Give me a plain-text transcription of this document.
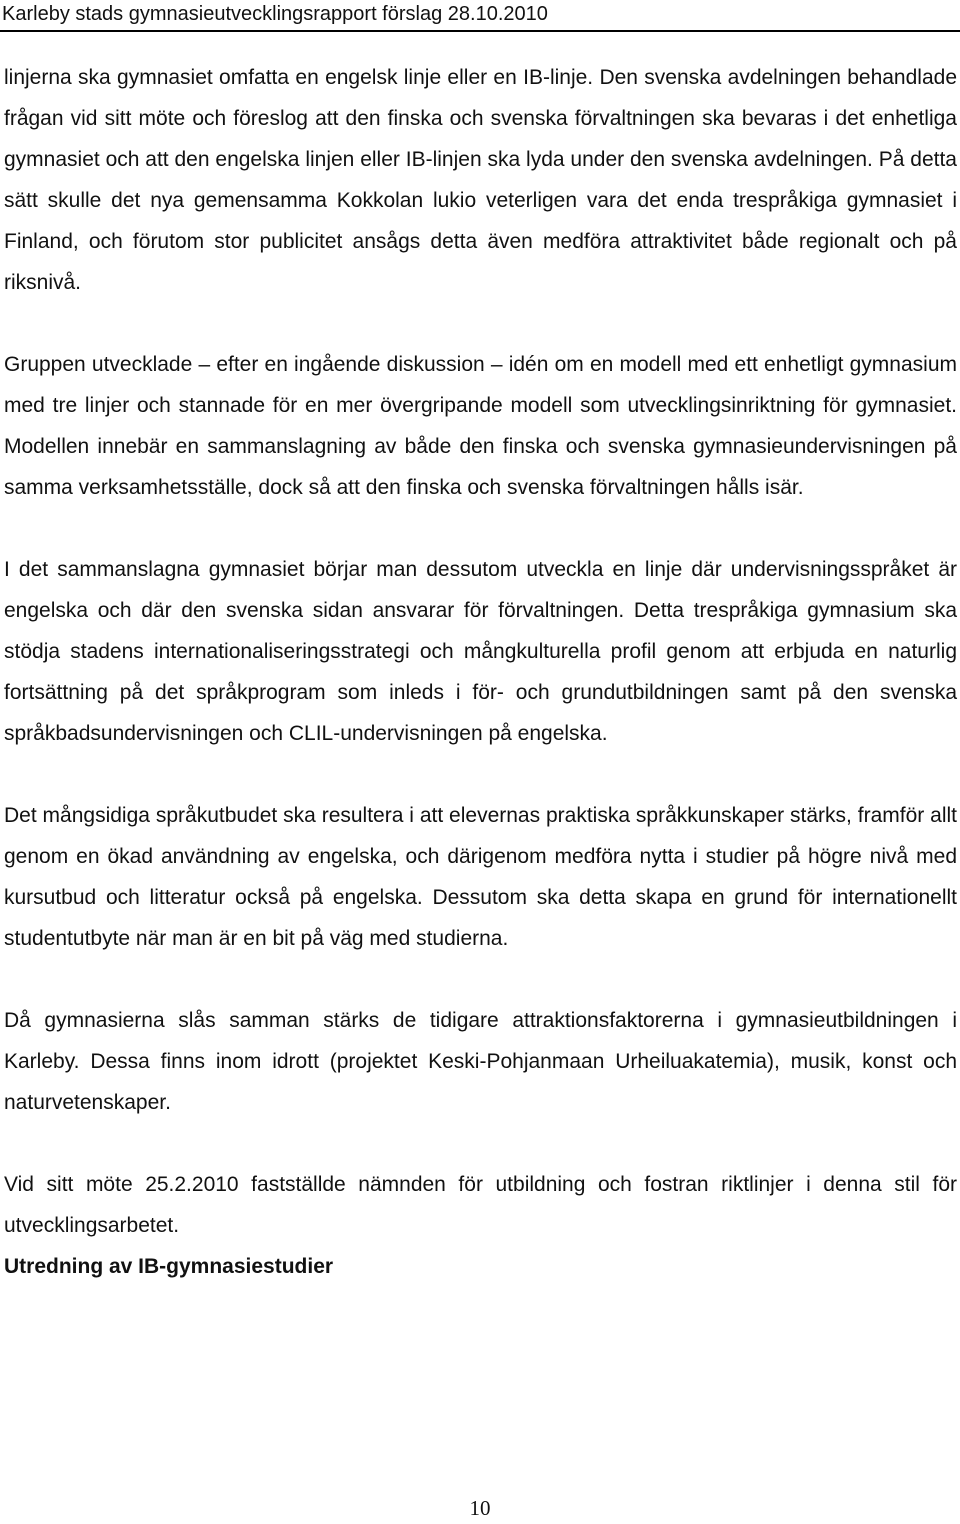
Karleby stads gymnasieutvecklingsrapport förslag 28.10.2010

linjerna ska gymnasiet omfatta en engelsk linje eller en IB-linje. Den svenska avdelningen behandlade frågan vid sitt möte och föreslog att den finska och svenska förvaltningen ska bevaras i det enhetliga gymnasiet och att den engelska linjen eller IB-linjen ska lyda under den svenska avdelningen. På detta sätt skulle det nya gemensamma Kokkolan lukio veterligen vara det enda trespråkiga gymnasiet i Finland, och förutom stor publicitet ansågs detta även medföra attraktivitet både regionalt och på riksnivå.

Gruppen utvecklade – efter en ingående diskussion – idén om en modell med ett enhetligt gymnasium med tre linjer och stannade för en mer övergripande modell som utvecklingsinriktning för gymnasiet. Modellen innebär en sammanslagning av både den finska och svenska gymnasieundervisningen på samma verksamhetsställe, dock så att den finska och svenska förvaltningen hålls isär.

I det sammanslagna gymnasiet börjar man dessutom utveckla en linje där undervisningsspråket är engelska och där den svenska sidan ansvarar för förvaltningen. Detta trespråkiga gymnasium ska stödja stadens internationaliseringsstrategi och mångkulturella profil genom att erbjuda en naturlig fortsättning på det språkprogram som inleds i för- och grundutbildningen samt på den svenska språkbadsundervisningen och CLIL-undervisningen på engelska.

Det mångsidiga språkutbudet ska resultera i att elevernas praktiska språkkunskaper stärks, framför allt genom en ökad användning av engelska, och därigenom medföra nytta i studier på högre nivå med kursutbud och litteratur också på engelska. Dessutom ska detta skapa en grund för internationellt studentutbyte när man är en bit på väg med studierna.

Då gymnasierna slås samman stärks de tidigare attraktionsfaktorerna i gymnasieutbildningen i Karleby. Dessa finns inom idrott (projektet Keski-Pohjanmaan Urheiluakatemia), musik, konst och naturvetenskaper.

Vid sitt möte 25.2.2010 fastställde nämnden för utbildning och fostran riktlinjer i denna stil för utvecklingsarbetet.

Utredning av IB-gymnasiestudier

10
